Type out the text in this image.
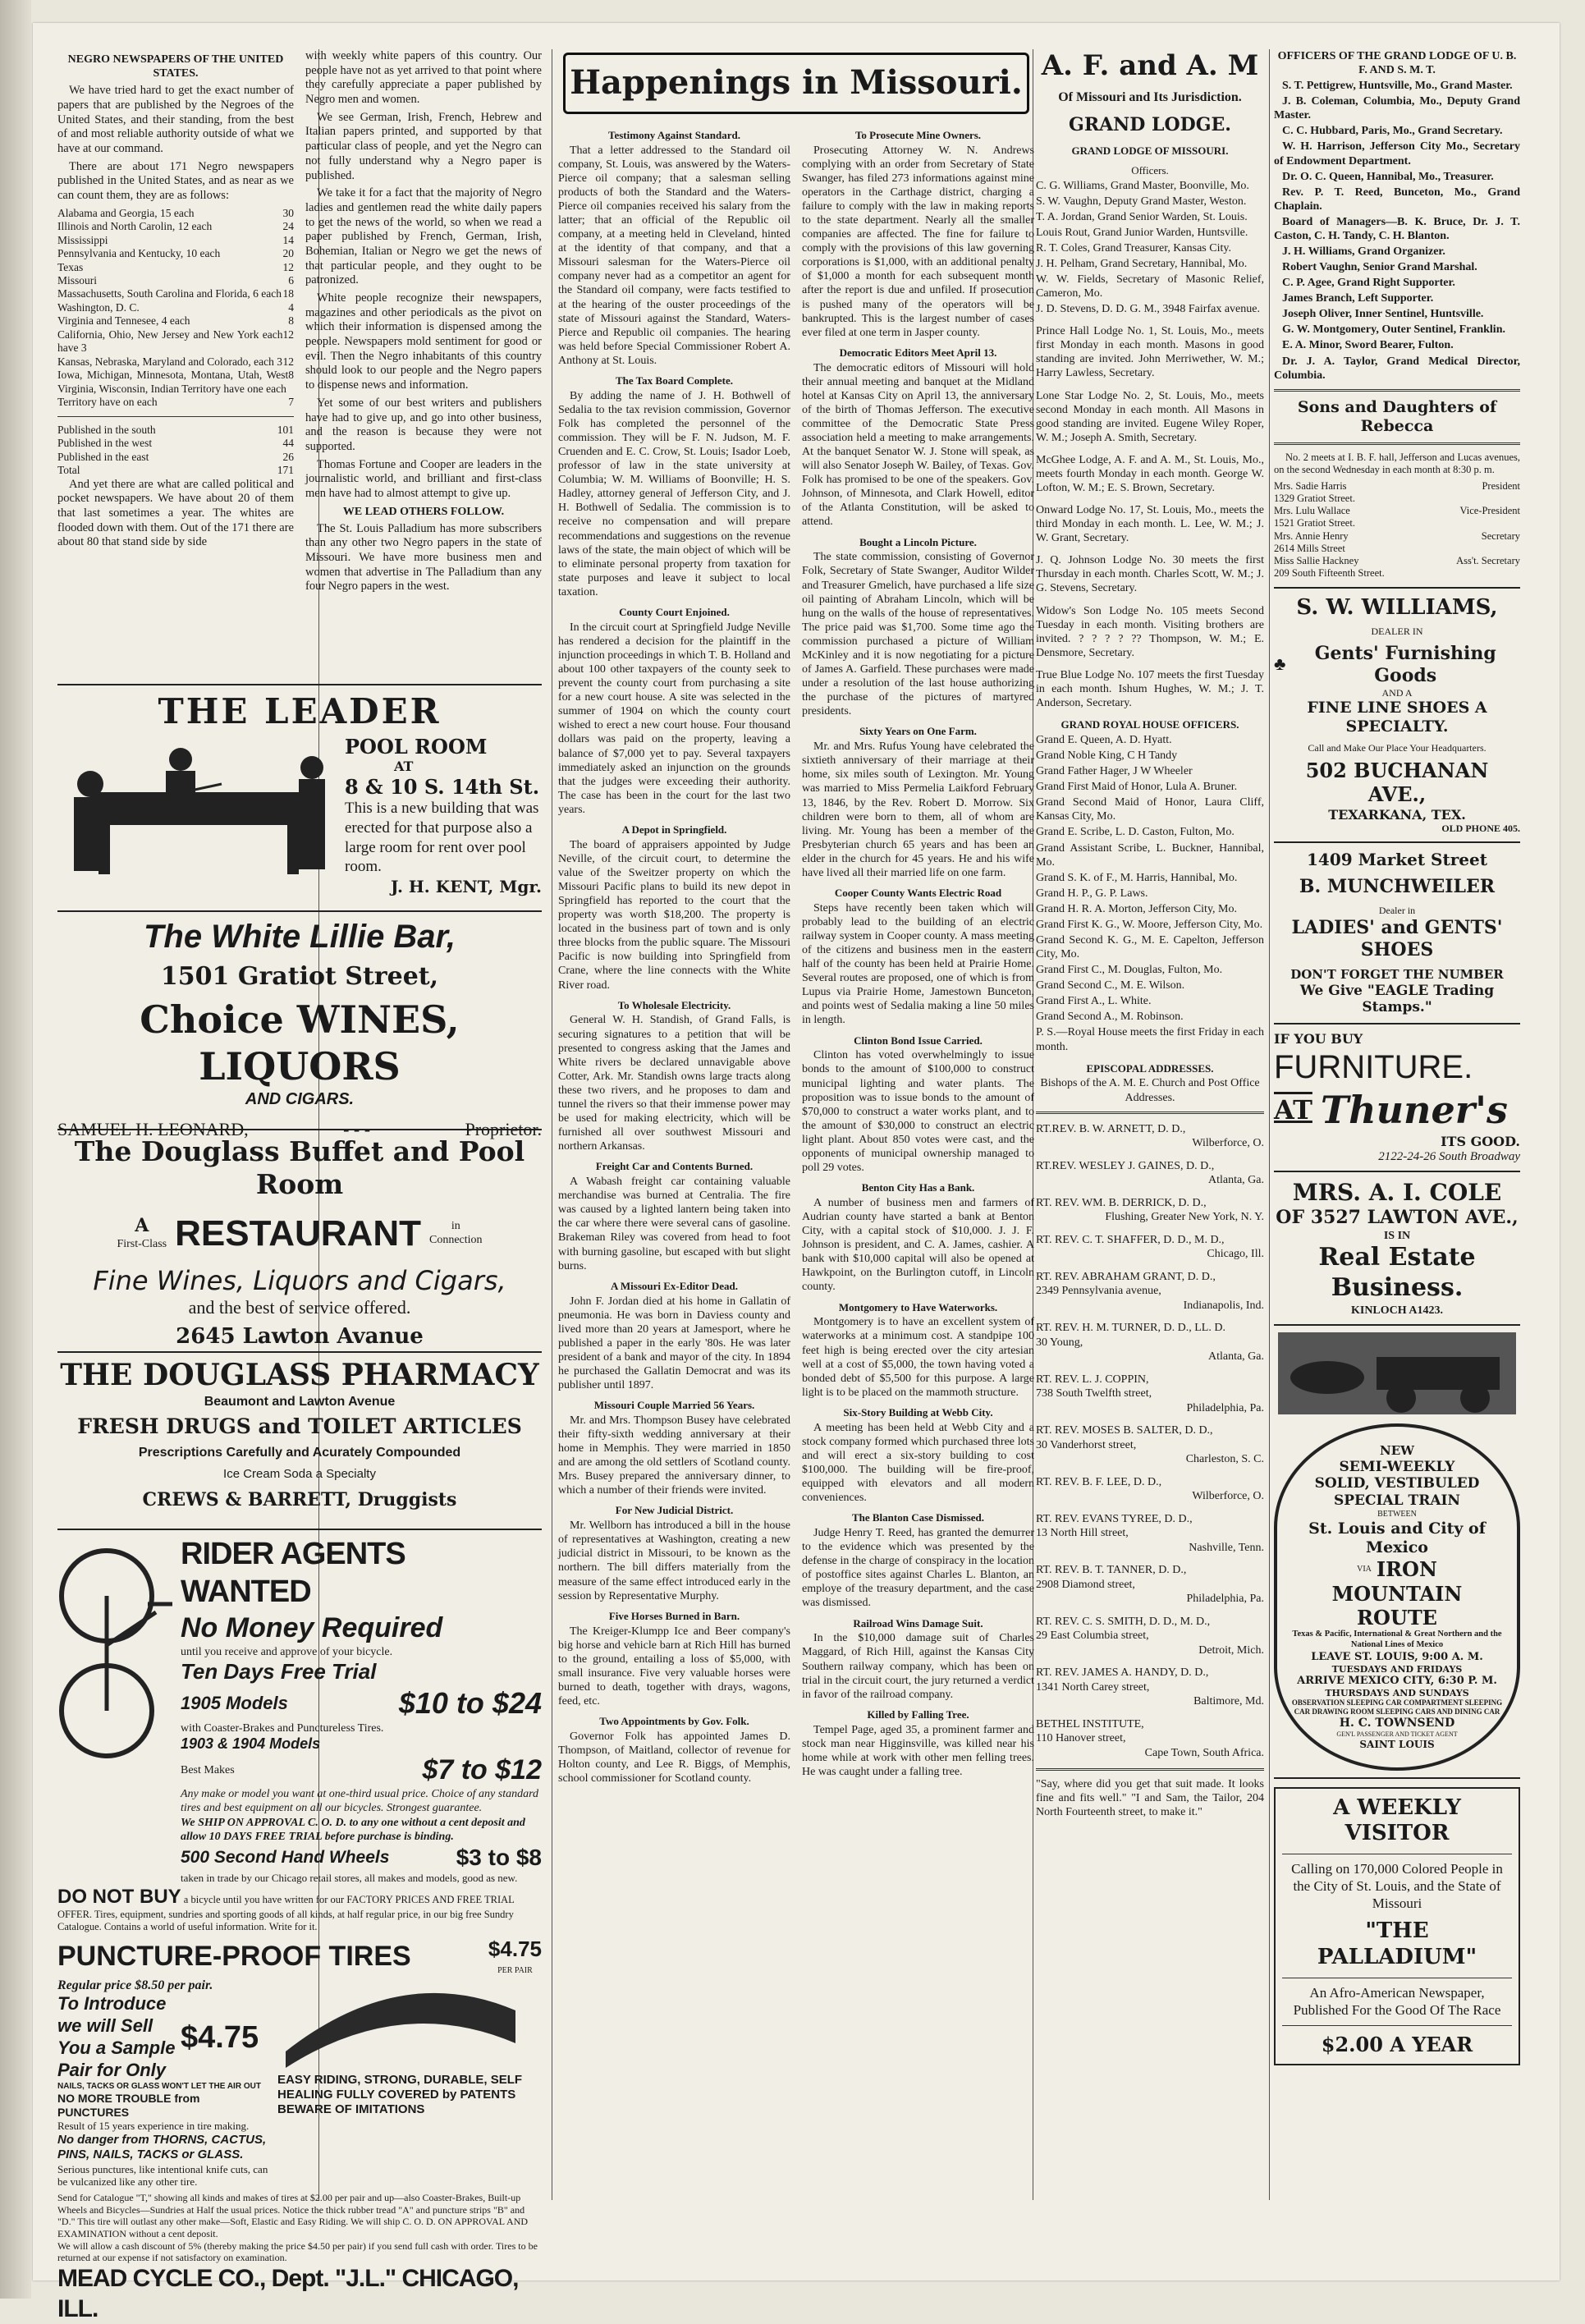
NEGRO NEWSPAPERS OF THE UNITED STATES.

We have tried hard to get the exact number of papers that are published by the Negroes of the United States, and their standing, from the best of and most reliable authority outside of what we have at our command.

There are about 171 Negro newspapers published in the United States, and as near as we can count them, they are as follows:

Alabama and Georgia, 15 each	30
Illinois and North Carolin, 12 each	24
Mississippi	14
Pennsylvania and Kentucky, 10 each	20
Texas	12
Missouri	6
Massachusetts, South Carolina and Florida, 6 each 18
Washington, D. C.	4
Virginia and Tennesee, 4 each	8
California, Ohio, New Jersey and New York each have 3
12
Kansas, Nebraska, Maryland and Colorado, each 3 12
Iowa, Michigan, Minnesota, Montana, Utah, West Virginia, Wisconsin, Indian Territory have one each
8
Territory have on each	7
Published in the south	101
Published in the west	44
Published in the east	26
Total	171

And yet there are what are called political and pocket newspapers. We have about 20 of them that last sometimes a year. The whites are flooded down with them. Out of the 171 there are about 80 that stand side by side

with weekly white papers of this country. Our people have not as yet arrived to that point where they carefully appreciate a paper published by Negro men and women.

We see German, Irish, French, Hebrew and Italian papers printed, and supported by that particular class of people, and yet the Negro can not fully understand why a Negro paper is published.

We take it for a fact that the majority of Negro ladies and gentlemen read the white daily papers to get the news of the world, so when we read a paper published by French, German, Irish, Bohemian, Italian or Negro we get the news of that particular people, and they ought to be patronized.

White people recognize their newspapers, magazines and other periodicals as the pivot on which their information is dispensed among the people. Newspapers mold sentiment for good or evil. Then the Negro inhabitants of this country should look to our people and the Negro papers to dispense news and information.

Yet some of our best writers and publishers have had to give up, and go into other business, and the reason is because they were not supported.

Thomas Fortune and Cooper are leaders in the journalistic world, and brilliant and first-class men have had to almost attempt to give up.

WE LEAD OTHERS FOLLOW.

The St. Louis Palladium has more subscribers than any other two Negro papers in the state of Missouri. We have more business men and women that advertise in The Palladium than any four Negro papers in the west.

THE LEADER
POOL ROOM
AT
8 & 10 S. 14th St.
This is a new building that was erected for that purpose also a large room for rent over pool room.
J. H. KENT, Mgr.
The White Lillie Bar,
1501 Gratiot Street,
Choice WINES, LIQUORS
AND CIGARS.
SAMUEL H. LEONARD,	- - -	Proprietor.
The Douglass Buffet and Pool Room
A
First-Class RESTAURANT	in
Connection
Fine Wines, Liquors and Cigars,
and the best of service offered.
2645 Lawton Avanue
THE DOUGLASS PHARMACY
Beaumont and Lawton Avenue
FRESH DRUGS and TOILET ARTICLES
Prescriptions Carefully and Acurately Compounded
Ice Cream Soda a Specialty
CREWS & BARRETT, Druggists
RIDER AGENTS WANTED
No Money Required
until you receive and approve of your bicycle.
Ten Days Free Trial
1905 Models	$10 to $24
with Coaster-Brakes and Punctureless Tires.
1903 & 1904 Models
Best Makes	$7 to $12
Any make or model you want at one-third usual price. Choice of any standard tires and best equipment on all our bicycles. Strongest guarantee.
We SHIP ON APPROVAL C. O. D. to any one without a cent deposit and allow 10 DAYS FREE TRIAL before purchase is binding.
500 Second Hand Wheels	$3 to $8
taken in trade by our Chicago retail stores, all makes and models, good as new.
DO NOT BUY a bicycle until you have written for our FACTORY PRICES AND FREE TRIAL OFFER. Tires, equipment, sundries and sporting goods of all kinds, at half regular price, in our big free Sundry Catalogue. Contains a world of useful information. Write for it.
PUNCTURE-PROOF TIRES	$4.75
PER PAIR
Regular price $8.50 per pair.
To Introduce we will Sell You a Sample Pair for Only
$4.75
NAILS, TACKS OR GLASS WON'T LET THE AIR OUT
NO MORE TROUBLE from PUNCTURES
Result of 15 years experience in tire making.
No danger from THORNS, CACTUS, PINS, NAILS, TACKS or GLASS.
Serious punctures, like intentional knife cuts, can be vulcanized like any other tire.
EASY RIDING, STRONG, DURABLE, SELF HEALING FULLY COVERED by PATENTS BEWARE OF IMITATIONS
Send for Catalogue "T," showing all kinds and makes of tires at $2.00 per pair and up—also Coaster-Brakes, Built-up Wheels and Bicycles—Sundries at Half the usual prices. Notice the thick rubber tread "A" and puncture strips "B" and "D." This tire will outlast any other make—Soft, Elastic and Easy Riding. We will ship C. O. D. ON APPROVAL AND EXAMINATION without a cent deposit.
We will allow a cash discount of 5% (thereby making the price $4.50 per pair) if you send full cash with order. Tires to be returned at our expense if not satisfactory on examination.
MEAD CYCLE CO., Dept. "J.L." CHICAGO, ILL.
Happenings in Missouri.
Testimony Against Standard.

That a letter addressed to the Standard oil company, St. Louis, was answered by the Waters-Pierce oil company; that a salesman selling products of both the Standard and the Waters-Pierce oil companies received his salary from the latter; that an official of the Republic oil company, at a meeting held in Cleveland, hinted at the identity of that company, and that a Missouri salesman for the Waters-Pierce oil company never had as a competitor an agent for the Standard oil company, were facts testified to at the hearing of the ouster proceedings of the state of Missouri against the Standard, Waters-Pierce and Republic oil companies. The hearing was held before Special Commissioner Robert A. Anthony at St. Louis.

The Tax Board Complete.

By adding the name of J. H. Bothwell of Sedalia to the tax revision commission, Governor Folk has completed the personnel of the commission. They will be F. N. Judson, M. F. Cruenden and E. C. Crow, St. Louis; Isador Loeb, professor of law in the state university at Columbia; W. M. Williams of Boonville; H. S. Hadley, attorney general of Jefferson City, and J. H. Bothwell of Sedalia. The commission is to receive no compensation and will prepare recommendations and suggestions on the revenue laws of the state, the main object of which will be to eliminate personal property from taxation for state purposes and leave it subject to local taxation.

County Court Enjoined.

In the circuit court at Springfield Judge Neville has rendered a decision for the plaintiff in the injunction proceedings in which T. B. Holland and about 100 other taxpayers of the county seek to prevent the county court from purchasing a site for a new court house. A site was selected in the summer of 1904 on which the county court wished to erect a new court house. Four thousand dollars was paid on the property, leaving a balance of $7,000 yet to pay. Several taxpayers immediately asked an injunction on the grounds that the judges were exceeding their authority. The case has been in the court for the last two years.

A Depot in Springfield.

The board of appraisers appointed by Judge Neville, of the circuit court, to determine the value of the Sweitzer property on which the Missouri Pacific plans to build its new depot in Springfield has reported to the court that the property was worth $18,200. The property is located in the business part of town and is only three blocks from the public square. The Missouri Pacific is now building into Springfield from Crane, where the line connects with the White River road.

To Wholesale Electricity.

General W. H. Standish, of Grand Falls, is securing signatures to a petition that will be presented to congress asking that the James and White rivers be declared unnavigable above Cotter, Ark. Mr. Standish owns large tracts along these two rivers, and he proposes to dam and tunnel the rivers so that their immense power may be used for making electricity, which will be furnished all over southwest Missouri and northern Arkansas.

Freight Car and Contents Burned.

A Wabash freight car containing valuable merchandise was burned at Centralia. The fire was caused by a lighted lantern being taken into the car where there were several cans of gasoline. Brakeman Riley was covered from head to foot with burning gasoline, but escaped with but slight burns.

A Missouri Ex-Editor Dead.

John F. Jordan died at his home in Gallatin of pneumonia. He was born in Daviess county and lived more than 20 years at Jamesport, where he published a paper in the early '80s. He was later president of a bank and mayor of the city. In 1894 he purchased the Gallatin Democrat and was its publisher until 1897.

Missouri Couple Married 56 Years.

Mr. and Mrs. Thompson Busey have celebrated their fifty-sixth wedding anniversary at their home in Memphis. They were married in 1850 and are among the old settlers of Scotland county. Mrs. Busey prepared the anniversary dinner, to which a number of their friends were invited.

For New Judicial District.

Mr. Wellborn has introduced a bill in the house of representatives at Washington, creating a new judicial district in Missouri, to be known as the northern. The bill differs materially from the measure of the same effect introduced early in the session by Representative Murphy.

Five Horses Burned in Barn.

The Kreiger-Klumpp Ice and Beer company's big horse and vehicle barn at Rich Hill has burned to the ground, entailing a loss of $5,000, with small insurance. Five very valuable horses were burned to death, together with drays, wagons, feed, etc.

Two Appointments by Gov. Folk.

Governor Folk has appointed James D. Thompson, of Maitland, collector of revenue for Holton county, and Lee R. Biggs, of Memphis, school commissioner for Scotland county.

To Prosecute Mine Owners.

Prosecuting Attorney W. N. Andrews complying with an order from Secretary of State Swanger, has filed 273 informations against mine operators in the Carthage district, charging a failure to comply with the law in making reports to the state department. Nearly all the smaller companies are affected. The fine for failure to comply with the provisions of this law governing corporations is $1,000, with an additional penalty of $1,000 a month for each subsequent month after the report is due and unfiled. If prosecution is pushed many of the operators will be bankrupted. This is the largest number of cases ever filed at one term in Jasper county.

Democratic Editors Meet April 13.

The democratic editors of Missouri will hold their annual meeting and banquet at the Midland hotel at Kansas City on April 13, the anniversary of the birth of Thomas Jefferson. The executive committee of the Democratic State Press association held a meeting to make arrangements. At the banquet Senator W. J. Stone will speak, as will also Senator Joseph W. Bailey, of Texas. Gov. Folk has promised to be one of the speakers. Gov. Johnson, of Minnesota, and Clark Howell, editor of the Atlanta Constitution, will be asked to attend.

Bought a Lincoln Picture.

The state commission, consisting of Governor Folk, Secretary of State Swanger, Auditor Wilder and Treasurer Gmelich, have purchased a life size oil painting of Abraham Lincoln, which will be hung on the walls of the house of representatives. The price paid was $1,700. Some time ago the commission purchased a picture of William McKinley and it is now negotiating for a picture of James A. Garfield. These purchases were made under a resolution of the last house authorizing the purchase of the pictures of martyred presidents.

Sixty Years on One Farm.

Mr. and Mrs. Rufus Young have celebrated the sixtieth anniversary of their marriage at their home, six miles south of Lexington. Mr. Young was married to Miss Permelia Laikford February 13, 1846, by the Rev. Robert D. Morrow. Six children were born to them, all of whom are living. Mr. Young has been a member of the Presbyterian church 65 years and has been an elder in the church for 45 years. He and his wife have lived all their married life on one farm.

Cooper County Wants Electric Road

Steps have recently been taken which will probably lead to the building of an electric railway system in Cooper county. A mass meeting of the citizens and business men in the eastern half of the county has been held at Prairie Home. Several routes are proposed, one of which is from Lupus via Prairie Home, Jamestown Bunceton, and points west of Sedalia making a line 50 miles in length.

Clinton Bond Issue Carried.

Clinton has voted overwhelmingly to issue bonds to the amount of $100,000 to construct municipal lighting and water plants. The proposition was to issue bonds to the amount of $70,000 to construct a water works plant, and to the amount of $30,000 to construct an electric light plant. About 850 votes were cast, and the opponents of municipal ownership managed to poll 29 votes.

Benton City Has a Bank.

A number of business men and farmers of Audrian county have started a bank at Benton City, with a capital stock of $10,000. J. J. F. Johnson is president, and C. A. James, cashier. A bank with $10,000 capital will also be opened at Hawkpoint, on the Burlington cutoff, in Lincoln county.

Montgomery to Have Waterworks.

Montgomery is to have an excellent system of waterworks at a minimum cost. A standpipe 100 feet high is being erected over the city artesian well at a cost of $5,000, the town having voted a bonded debt of $5,500 for this purpose. A large light is to be placed on the mammoth structure.

Six-Story Building at Webb City.

A meeting has been held at Webb City and a stock company formed which purchased three lots and will erect a six-story building to cost $100,000. The building will be fire-proof, equipped with elevators and all modern conveniences.

The Blanton Case Dismissed.

Judge Henry T. Reed, has granted the demurrer to the evidence which was presented by the defense in the charge of conspiracy in the location of postoffice sites against Charles L. Blanton, an employe of the treasury department, and the case was dismissed.

Railroad Wins Damage Suit.

In the $10,000 damage suit of Charles Maggard, of Rich Hill, against the Kansas City Southern railway company, which has been on trial in the circuit court, the jury returned a verdict in favor of the railroad company.

Killed by Falling Tree.

Tempel Page, aged 35, a prominent farmer and stock man near Higginsville, was killed near his home while at work with other men felling trees. He was caught under a falling tree.

A. F. and A. M
Of Missouri and Its Jurisdiction.
GRAND LODGE.
GRAND LODGE OF MISSOURI.
Officers.

C. G. Williams, Grand Master, Boonville, Mo.

S. W. Vaughn, Deputy Grand Master, Weston.

T. A. Jordan, Grand Senior Warden, St. Louis.

Louis Rout, Grand Junior Warden, Huntsville.

R. T. Coles, Grand Treasurer, Kansas City.

J. H. Pelham, Grand Secretary, Hannibal, Mo.

W. W. Fields, Secretary of Masonic Relief, Cameron, Mo.

J. D. Stevens, D. D. G. M., 3948 Fairfax avenue.

Prince Hall Lodge No. 1, St. Louis, Mo., meets first Monday in each month. Masons in good standing are invited. John Merriwether, W. M.; Harry Lawless, Secretary.

Lone Star Lodge No. 2, St. Louis, Mo., meets second Monday in each month. All Masons in good standing are invited. Eugene Wiley Roper, W. M.; Joseph A. Smith, Secretary.

McGhee Lodge, A. F. and A. M., St. Louis, Mo., meets fourth Monday in each month. George W. Lofton, W. M.; E. S. Brown, Secretary.

Onward Lodge No. 17, St. Louis, Mo., meets the third Monday in each month. L. Lee, W. M.; J. W. Grant, Secretary.

J. Q. Johnson Lodge No. 30 meets the first Thursday in each month. Charles Scott, W. M.; J. G. Stevens, Secretary.

Widow's Son Lodge No. 105 meets Second Tuesday in each month. Visiting brothers are invited. ? ? ? ? ?? Thompson, W. M.; E. Densmore, Secretary.

True Blue Lodge No. 107 meets the first Tuesday in each month. Ishum Hughes, W. M.; J. T. Anderson, Secretary.

GRAND ROYAL HOUSE OFFICERS.

Grand E. Queen, A. D. Hyatt.

Grand Noble King, C H Tandy

Grand Father Hager, J W Wheeler

Grand First Maid of Honor, Lula A. Bruner.

Grand Second Maid of Honor, Laura Cliff, Kansas City, Mo.

Grand E. Scribe, L. D. Caston, Fulton, Mo.

Grand Assistant Scribe, L. Buckner, Hannibal, Mo.

Grand S. K. of F., M. Harris, Hannibal, Mo.

Grand H. P., G. P. Laws.

Grand H. R. A. Morton, Jefferson City, Mo.

Grand First K. G., W. Moore, Jefferson City, Mo.

Grand Second K. G., M. E. Capelton, Jefferson City, Mo.

Grand First C., M. Douglas, Fulton, Mo.

Grand Second C., M. E. Wilson.

Grand First A., L. White.

Grand Second A., M. Robinson.

P. S.—Royal House meets the first Friday in each month.

EPISCOPAL ADDRESSES.
Bishops of the A. M. E. Church and Post Office Addresses.
RT.REV. B. W. ARNETT, D. D.,
Wilberforce, O.
RT.REV. WESLEY J. GAINES, D. D.,
Atlanta, Ga.
RT. REV. WM. B. DERRICK, D. D.,
Flushing, Greater New York, N. Y.
RT. REV. C. T. SHAFFER, D. D., M. D.,
Chicago, Ill.
RT. REV. ABRAHAM GRANT, D. D.,
2349 Pennsylvania avenue,
Indianapolis, Ind.
RT. REV. H. M. TURNER, D. D., LL. D.
30 Young,
Atlanta, Ga.
RT. REV. L. J. COPPIN,
738 South Twelfth street,
Philadelphia, Pa.
RT. REV. MOSES B. SALTER, D. D.,
30 Vanderhorst street,
Charleston, S. C.
RT. REV. B. F. LEE, D. D.,
Wilberforce, O.
RT. REV. EVANS TYREE, D. D.,
13 North Hill street,
Nashville, Tenn.
RT. REV. B. T. TANNER, D. D.,
2908 Diamond street,
Philadelphia, Pa.
RT. REV. C. S. SMITH, D. D., M. D.,
29 East Columbia street,
Detroit, Mich.
RT. REV. JAMES A. HANDY, D. D.,
1341 North Carey street,
Baltimore, Md.
BETHEL INSTITUTE,
110 Hanover street,
Cape Town, South Africa.
"Say, where did you get that suit made. It looks fine and fits well." "I and Sam, the Tailor, 204 North Fourteenth street, to make it."
OFFICERS OF THE GRAND LODGE OF U. B. F. AND S. M. T.

S. T. Pettigrew, Huntsville, Mo., Grand Master.

J. B. Coleman, Columbia, Mo., Deputy Grand Master.

C. C. Hubbard, Paris, Mo., Grand Secretary.

W. H. Harrison, Jefferson City Mo., Secretary of Endowment Department.

Dr. O. C. Queen, Hannibal, Mo., Treasurer.

Rev. P. T. Reed, Bunceton, Mo., Grand Chaplain.

Board of Managers—B. K. Bruce, Dr. J. T. Caston, C. H. Tandy, C. H. Blanton.

J. H. Williams, Grand Organizer.

Robert Vaughn, Senior Grand Marshal.

C. P. Agee, Grand Right Supporter.

James Branch, Left Supporter.

Joseph Oliver, Inner Sentinel, Huntsville.

G. W. Montgomery, Outer Sentinel, Franklin.

E. A. Minor, Sword Bearer, Fulton.

Dr. J. A. Taylor, Grand Medical Director, Columbia.

Sons and Daughters of Rebecca

No. 2 meets at I. B. F. hall, Jefferson and Lucas avenues, on the second Wednesday in each month at 8:30 p. m.

Mrs. Sadie Harris	President
1329 Gratiot Street.
Mrs. Lulu Wallace	Vice-President
1521 Gratiot Street.
Mrs. Annie Henry	Secretary
2614 Mills Street
Miss Sallie Hackney	Ass't. Secretary
209 South Fifteenth Street.
S. W. WILLIAMS,
DEALER IN
♣	Gents' Furnishing Goods
AND A
FINE LINE SHOES A SPECIALTY.
Call and Make Our Place Your Headquarters.
502 BUCHANAN AVE.,
TEXARKANA, TEX.
OLD PHONE 405.
1409 Market Street
B. MUNCHWEILER
Dealer in
LADIES' and GENTS' SHOES
DON'T FORGET THE NUMBER
We Give "EAGLE Trading Stamps."
IF YOU BUY
FURNITURE.
AT Thuner's
ITS GOOD.
2122-24-26 South Broadway
MRS. A. I. COLE
OF 3527 LAWTON AVE.,
IS IN
Real Estate Business.
KINLOCH A1423.
NEW
SEMI-WEEKLY
SOLID, VESTIBULED
SPECIAL TRAIN
BETWEEN
St. Louis and City of Mexico
VIA IRON
MOUNTAIN
ROUTE
Texas & Pacific, International & Great Northern and the National Lines of Mexico
LEAVE ST. LOUIS, 9:00 A. M.
TUESDAYS AND FRIDAYS
ARRIVE MEXICO CITY, 6:30 P. M.
THURSDAYS AND SUNDAYS
OBSERVATION SLEEPING CAR COMPARTMENT SLEEPING CAR DRAWING ROOM SLEEPING CARS AND DINING CAR
H. C. TOWNSEND
GEN'L PASSENGER AND TICKET AGENT
SAINT LOUIS
A WEEKLY VISITOR
Calling on 170,000 Colored People in the City of St. Louis, and the State of Missouri
"THE PALLADIUM"
An Afro-American Newspaper, Published For the Good Of The Race
$2.00 A YEAR
